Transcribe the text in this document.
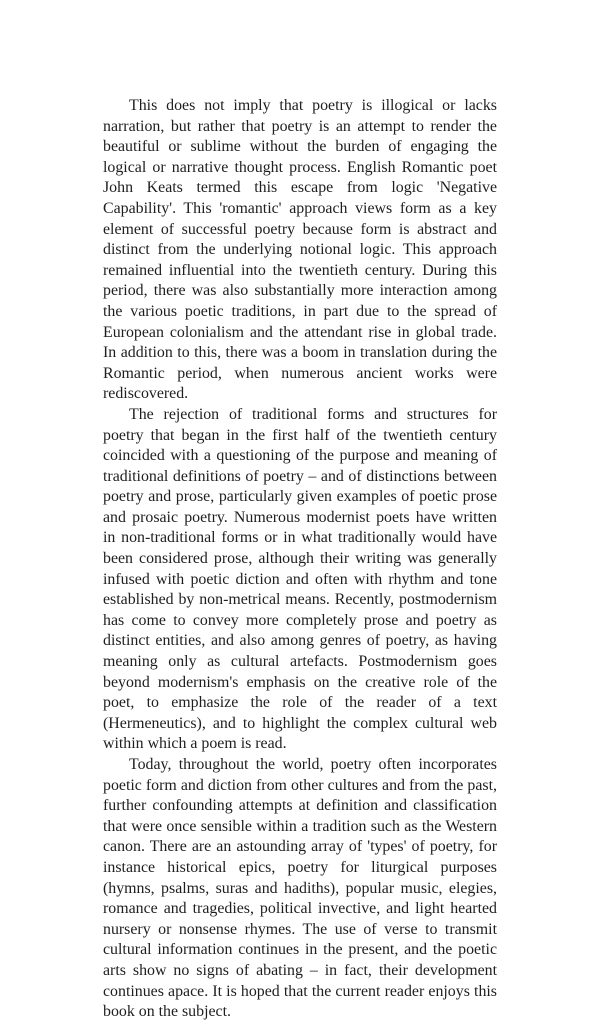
This does not imply that poetry is illogical or lacks narration, but rather that poetry is an attempt to render the beautiful or sublime without the burden of engaging the logical or narrative thought process. English Romantic poet John Keats termed this escape from logic 'Negative Capability'. This 'romantic' approach views form as a key element of successful poetry because form is abstract and distinct from the underlying notional logic. This approach remained influential into the twentieth century. During this period, there was also substantially more interaction among the various poetic traditions, in part due to the spread of European colonialism and the attendant rise in global trade. In addition to this, there was a boom in translation during the Romantic period, when numerous ancient works were rediscovered.

The rejection of traditional forms and structures for poetry that began in the first half of the twentieth century coincided with a questioning of the purpose and meaning of traditional definitions of poetry – and of distinctions between poetry and prose, particularly given examples of poetic prose and prosaic poetry. Numerous modernist poets have written in non-traditional forms or in what traditionally would have been considered prose, although their writing was generally infused with poetic diction and often with rhythm and tone established by non-metrical means. Recently, postmodernism has come to convey more completely prose and poetry as distinct entities, and also among genres of poetry, as having meaning only as cultural artefacts. Postmodernism goes beyond modernism's emphasis on the creative role of the poet, to emphasize the role of the reader of a text (Hermeneutics), and to highlight the complex cultural web within which a poem is read.

Today, throughout the world, poetry often incorporates poetic form and diction from other cultures and from the past, further confounding attempts at definition and classification that were once sensible within a tradition such as the Western canon. There are an astounding array of 'types' of poetry, for instance historical epics, poetry for liturgical purposes (hymns, psalms, suras and hadiths), popular music, elegies, romance and tragedies, political invective, and light hearted nursery or nonsense rhymes. The use of verse to transmit cultural information continues in the present, and the poetic arts show no signs of abating – in fact, their development continues apace. It is hoped that the current reader enjoys this book on the subject.
